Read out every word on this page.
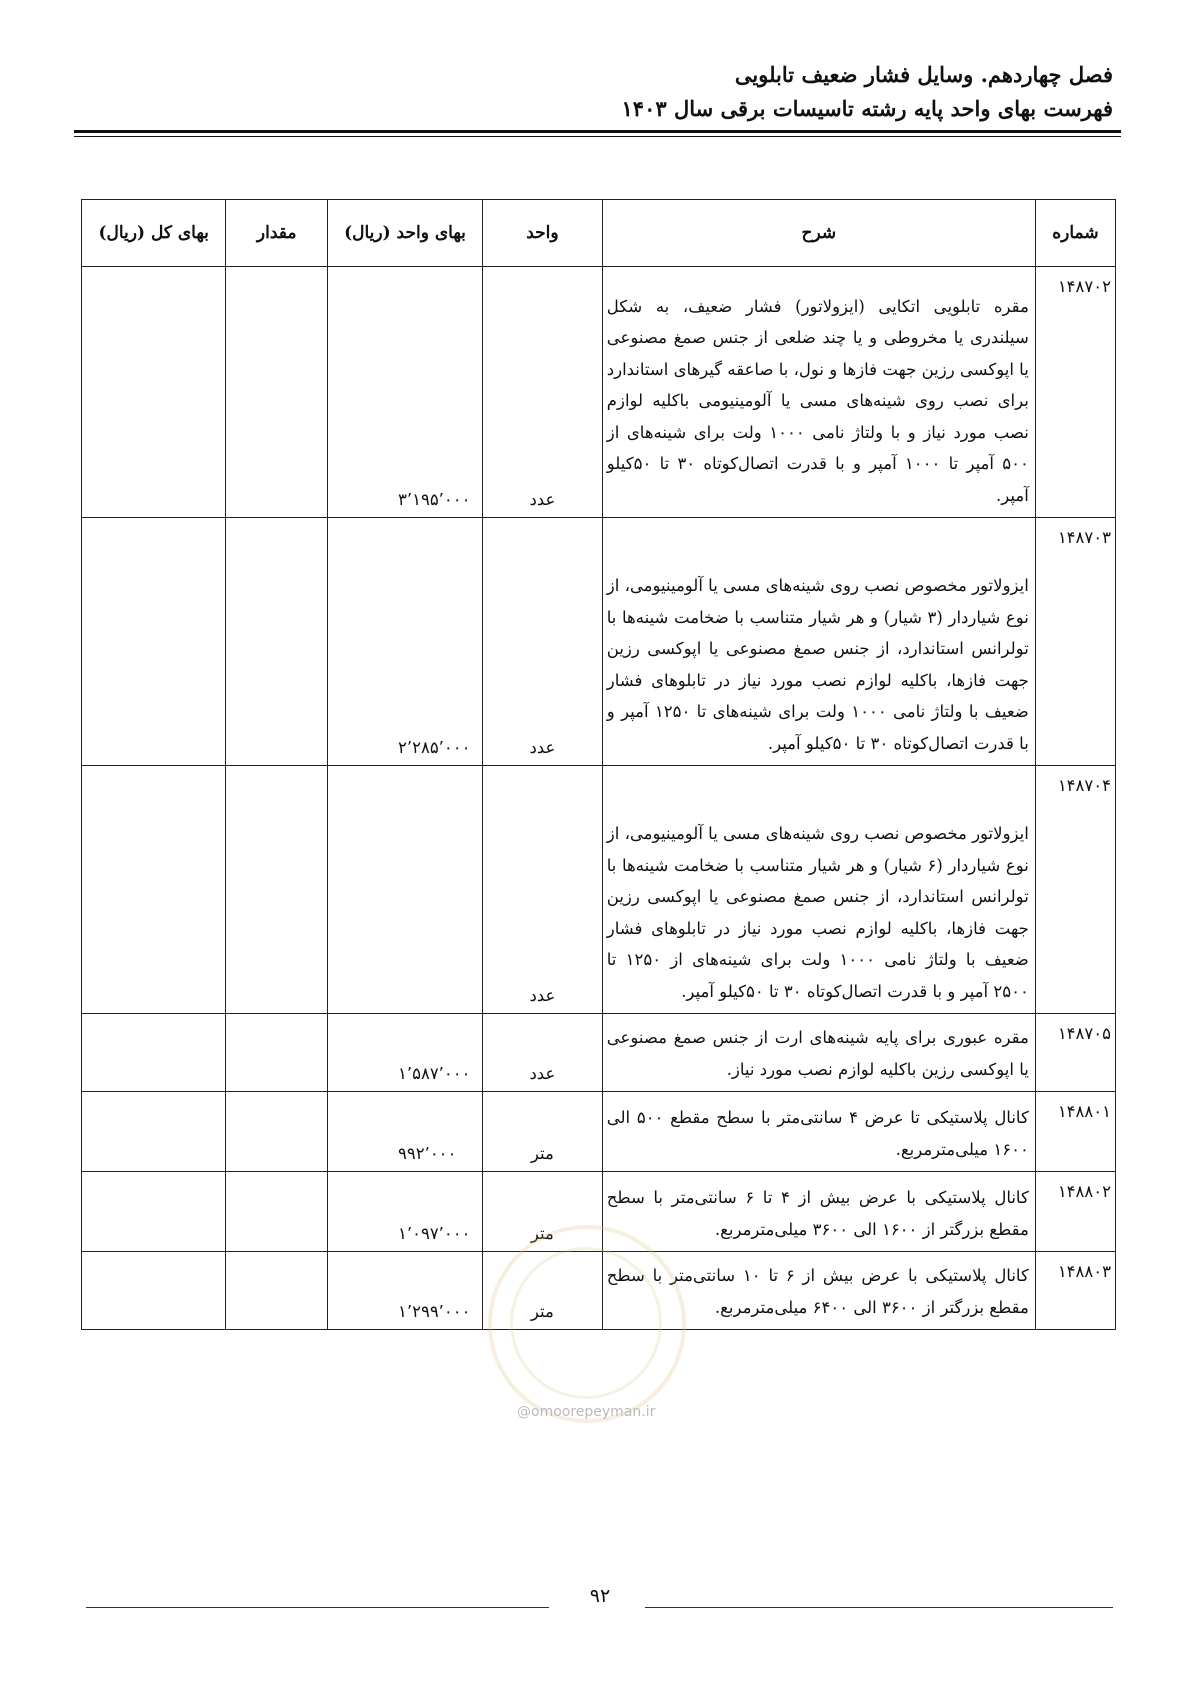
فصل چهاردهم. وسایل فشار ضعیف تابلویی
فهرست بهای واحد پایه رشته تاسیسات برقی سال ۱۴۰۳
شماره	شرح	واحد	بهای واحد (ریال)	مقدار	بهای کل (ریال)
۱۴۸۷۰۲	مقره تابلویی اتکایی (ایزولاتور) فشار ضعیف، به شکل سیلندری یا مخروطی و یا چند ضلعی از جنس صمغ مصنوعی یا اپوکسی رزین جهت فازها و نول، با صاعقه گیرهای استاندارد برای نصب روی شینه‌های مسی یا آلومینیومی باکلیه لوازم نصب مورد نیاز و با ولتاژ نامی ۱۰۰۰ ولت برای شینه‌های از ۵۰۰ آمپر تا ۱۰۰۰ آمپر و با قدرت اتصال‌کوتاه ۳۰ تا ۵۰کیلو آمپر.	عدد	۳٬۱۹۵٬۰۰۰		
۱۴۸۷۰۳	ایزولاتور مخصوص نصب روی شینه‌های مسی یا آلومینیومی، از نوع شیاردار (۳ شیار) و هر شیار متناسب با ضخامت شینه‌ها با تولرانس استاندارد، از جنس صمغ مصنوعی یا اپوکسی رزین جهت فازها، باکلیه لوازم نصب مورد نیاز در تابلوهای فشار ضعیف با ولتاژ نامی ۱۰۰۰ ولت برای شینه‌های تا ۱۲۵۰ آمپر و با قدرت اتصال‌کوتاه ۳۰ تا ۵۰کیلو آمپر.	عدد	۲٬۲۸۵٬۰۰۰		
۱۴۸۷۰۴	ایزولاتور مخصوص نصب روی شینه‌های مسی یا آلومینیومی، از نوع شیاردار (۶ شیار) و هر شیار متناسب با ضخامت شینه‌ها با تولرانس استاندارد، از جنس صمغ مصنوعی یا اپوکسی رزین جهت فازها، باکلیه لوازم نصب مورد نیاز در تابلوهای فشار ضعیف با ولتاژ نامی ۱۰۰۰ ولت برای شینه‌های از ۱۲۵۰ تا ۲۵۰۰ آمپر و با قدرت اتصال‌کوتاه ۳۰ تا ۵۰کیلو آمپر.	عدد			
۱۴۸۷۰۵	مقره عبوری برای پایه شینه‌های ارت از جنس صمغ مصنوعی یا اپوکسی رزین باکلیه لوازم نصب مورد نیاز.	عدد	۱٬۵۸۷٬۰۰۰		
۱۴۸۸۰۱	کانال پلاستیکی تا عرض ۴ سانتی‌متر با سطح مقطع ۵۰۰ الی ۱۶۰۰ میلی‌مترمربع.	متر	۹۹۲٬۰۰۰		
۱۴۸۸۰۲	کانال پلاستیکی با عرض بیش از ۴ تا ۶ سانتی‌متر با سطح مقطع بزرگتر از ۱۶۰۰ الی ۳۶۰۰ میلی‌مترمربع.	متر	۱٬۰۹۷٬۰۰۰		
۱۴۸۸۰۳	کانال پلاستیکی با عرض بیش از ۶ تا ۱۰ سانتی‌متر با سطح مقطع بزرگتر از ۳۶۰۰ الی ۶۴۰۰ میلی‌مترمربع.	متر	۱٬۲۹۹٬۰۰۰		
@omoorepeyman.ir
۹۲
